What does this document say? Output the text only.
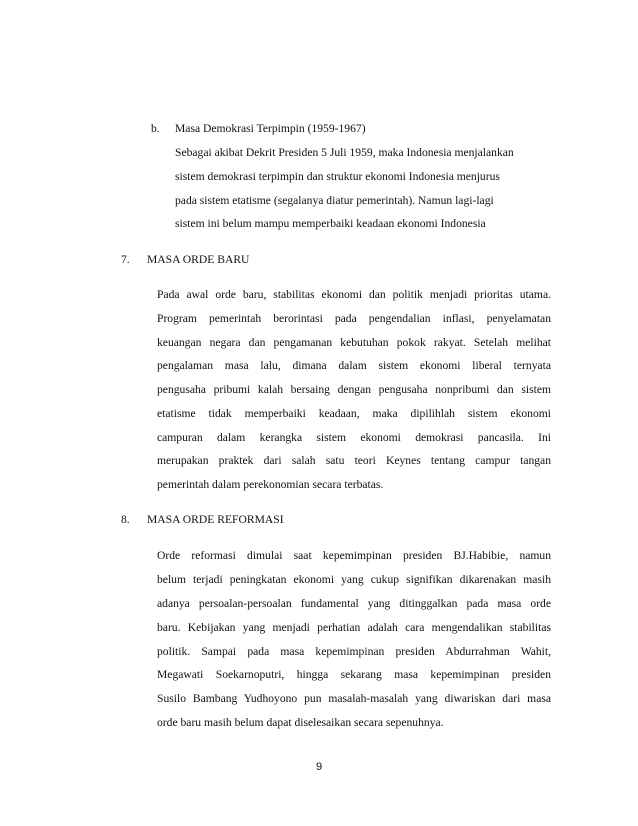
b. Masa Demokrasi Terpimpin (1959-1967)

Sebagai akibat Dekrit Presiden 5 Juli 1959, maka Indonesia menjalankan

sistem demokrasi terpimpin dan struktur ekonomi Indonesia menjurus

pada sistem etatisme (segalanya diatur pemerintah). Namun lagi-lagi

sistem ini belum mampu memperbaiki keadaan ekonomi Indonesia

7. MASA ORDE BARU

Pada awal orde baru, stabilitas ekonomi dan politik menjadi prioritas utama.

Program pemerintah berorintasi pada pengendalian inflasi, penyelamatan

keuangan negara dan pengamanan kebutuhan pokok rakyat. Setelah melihat

pengalaman masa lalu, dimana dalam sistem ekonomi liberal ternyata

pengusaha pribumi kalah bersaing dengan pengusaha nonpribumi dan sistem

etatisme tidak memperbaiki keadaan, maka dipilihlah sistem ekonomi

campuran dalam kerangka sistem ekonomi demokrasi pancasila. Ini

merupakan praktek dari salah satu teori Keynes tentang campur tangan

pemerintah dalam perekonomian secara terbatas.

8. MASA ORDE REFORMASI

Orde reformasi dimulai saat kepemimpinan presiden BJ.Habibie, namun

belum terjadi peningkatan ekonomi yang cukup signifikan dikarenakan masih

adanya persoalan-persoalan fundamental yang ditinggalkan pada masa orde

baru. Kebijakan yang menjadi perhatian adalah cara mengendalikan stabilitas

politik. Sampai pada masa kepemimpinan presiden Abdurrahman Wahit,

Megawati Soekarnoputri, hingga sekarang masa kepemimpinan presiden

Susilo Bambang Yudhoyono pun masalah-masalah yang diwariskan dari masa

orde baru masih belum dapat diselesaikan secara sepenuhnya.

9
